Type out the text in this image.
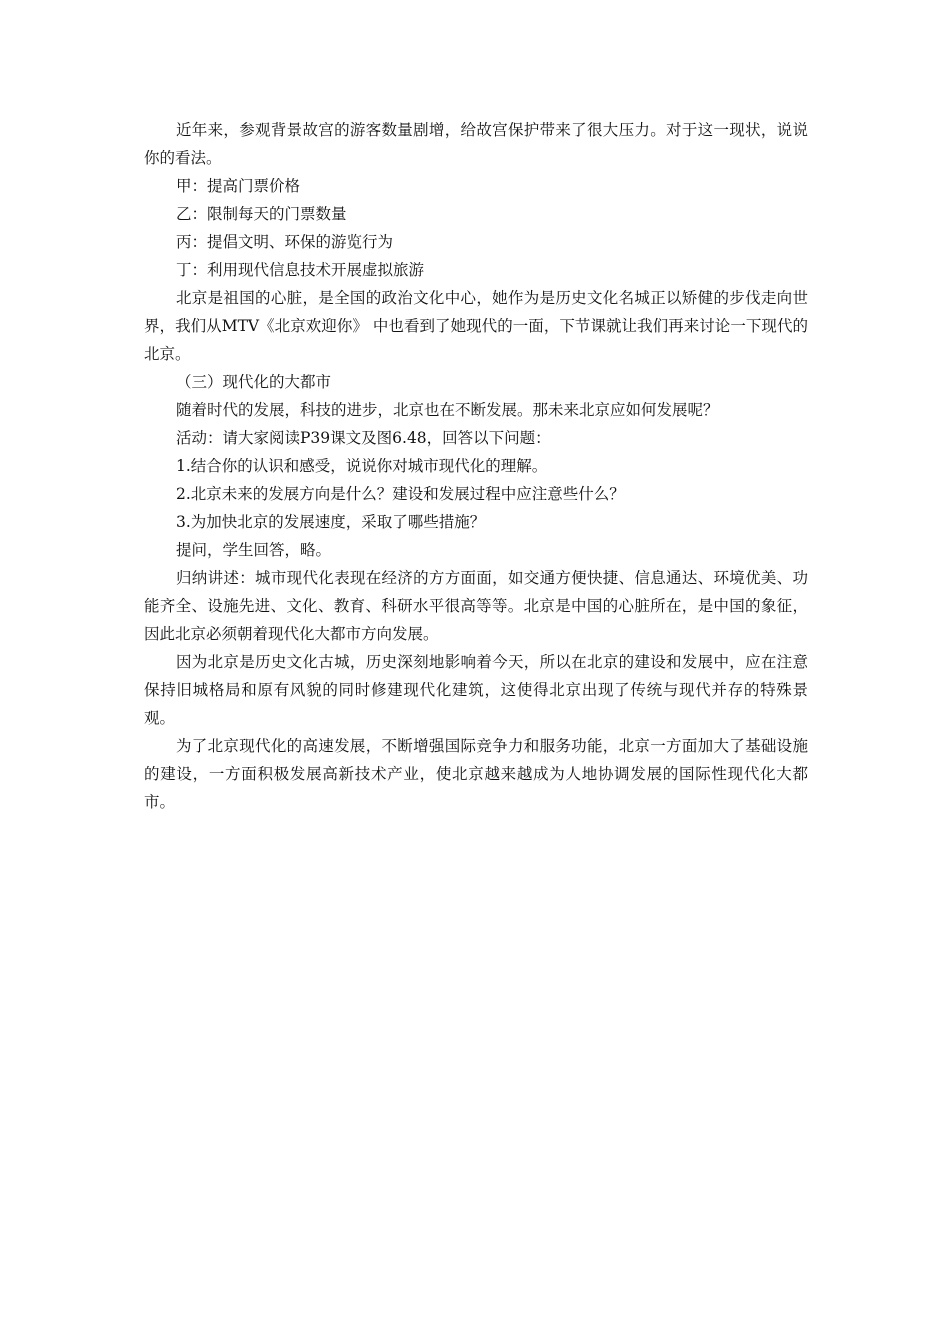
近年来，参观背景故宫的游客数量剧增，给故宫保护带来了很大压力。对于这一现状，说说你的看法。

甲：提高门票价格

乙：限制每天的门票数量

丙：提倡文明、环保的游览行为

丁：利用现代信息技术开展虚拟旅游

北京是祖国的心脏，是全国的政治文化中心，她作为是历史文化名城正以矫健的步伐走向世界，我们从MTV《北京欢迎你》 中也看到了她现代的一面，下节课就让我们再来讨论一下现代的北京。

（三）现代化的大都市

随着时代的发展，科技的进步，北京也在不断发展。那未来北京应如何发展呢？

活动：请大家阅读P39课文及图6.48，回答以下问题：

1.结合你的认识和感受，说说你对城市现代化的理解。

2.北京未来的发展方向是什么？建设和发展过程中应注意些什么？

3.为加快北京的发展速度，采取了哪些措施？

提问，学生回答，略。

归纳讲述：城市现代化表现在经济的方方面面，如交通方便快捷、信息通达、环境优美、功能齐全、设施先进、文化、教育、科研水平很高等等。北京是中国的心脏所在，是中国的象征，因此北京必须朝着现代化大都市方向发展。

因为北京是历史文化古城，历史深刻地影响着今天，所以在北京的建设和发展中，应在注意保持旧城格局和原有风貌的同时修建现代化建筑，这使得北京出现了传统与现代并存的特殊景观。

为了北京现代化的高速发展，不断增强国际竞争力和服务功能，北京一方面加大了基础设施的建设，一方面积极发展高新技术产业，使北京越来越成为人地协调发展的国际性现代化大都市。
